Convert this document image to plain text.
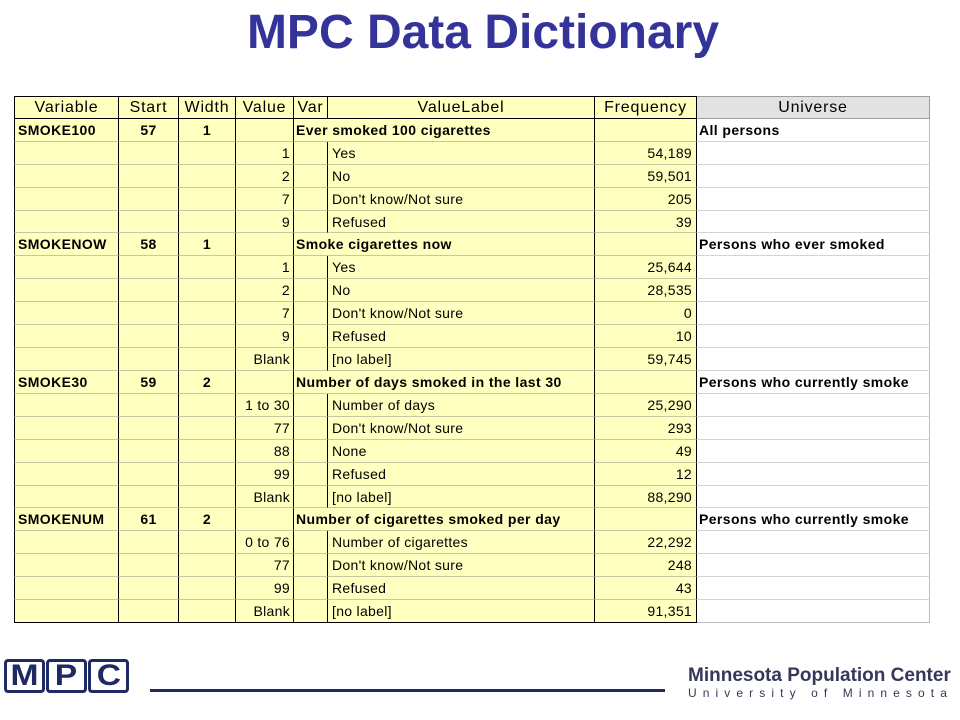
MPC Data Dictionary
Variable	Start	Width Value Var	ValueLabel	Frequency	Universe
SMOKE100	57	1	Ever smoked 100 cigarettes	All persons
1	Yes	54,189
2	No	59,501
7	Don't know/Not sure	205
9	Refused	39
SMOKENOW	58	1	Smoke cigarettes now	Persons who ever smoked
1	Yes	25,644
2	No	28,535
7	Don't know/Not sure	0
9	Refused	10
Blank	[no label]	59,745
SMOKE30	59	2	Number of days smoked in the last 30	Persons who currently smoke
1 to 30	Number of days	25,290
77	Don't know/Not sure	293
88	None	49
99	Refused	12
Blank	[no label]	88,290
SMOKENUM	61	2	Number of cigarettes smoked per day	Persons who currently smoke
0 to 76	Number of cigarettes	22,292
77	Don't know/Not sure	248
99	Refused	43
Blank	[no label]	91,351
M P C	Minnesota Population Center
University of Minnesota
